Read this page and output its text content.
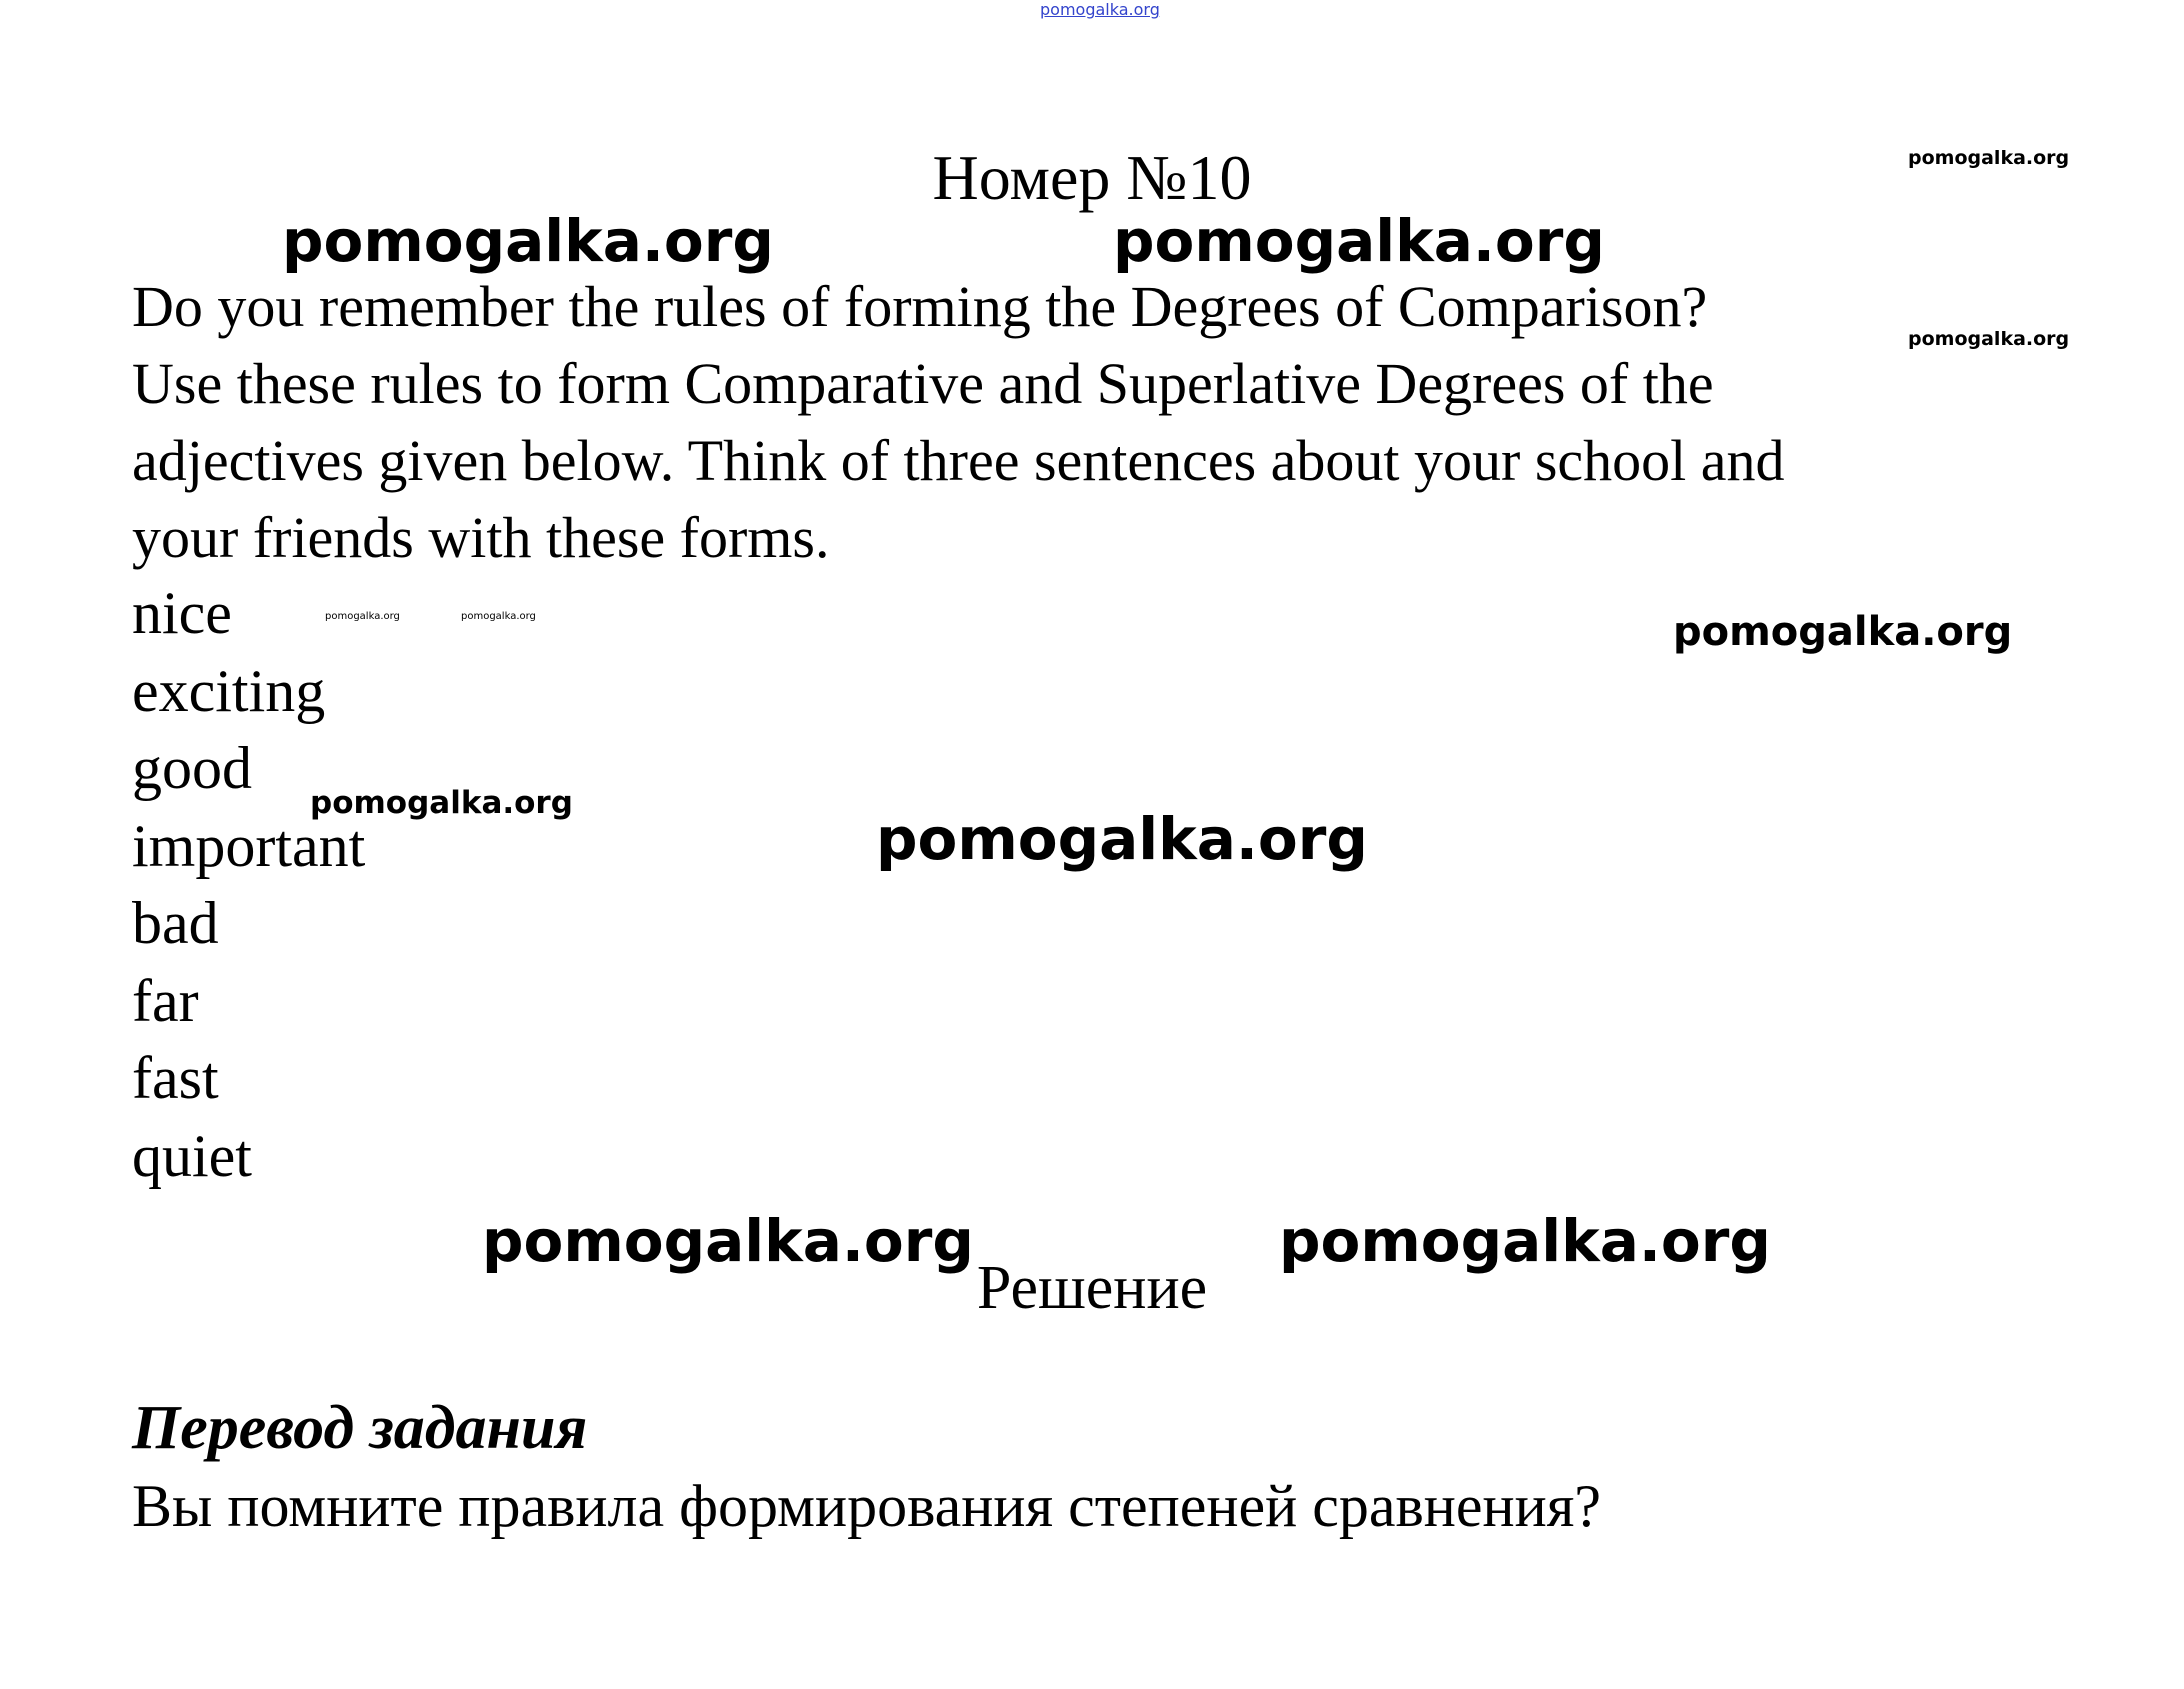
pomogalka.org
Номер №10

Do you remember the rules of forming the Degrees of Comparison?

Use these rules to form Comparative and Superlative Degrees of the

adjectives given below. Think of three sentences about your school and

your friends with these forms.

nice
exciting
good
important
bad
far
fast
quiet
Решение
Перевод задания
Вы помните правила формирования степеней сравнения?
pomogalka.org
pomogalka.org	pomogalka.org
pomogalka.org
pomogalka.org	pomogalka.org	pomogalka.org
pomogalka.org
pomogalka.org
pomogalka.org	pomogalka.org
